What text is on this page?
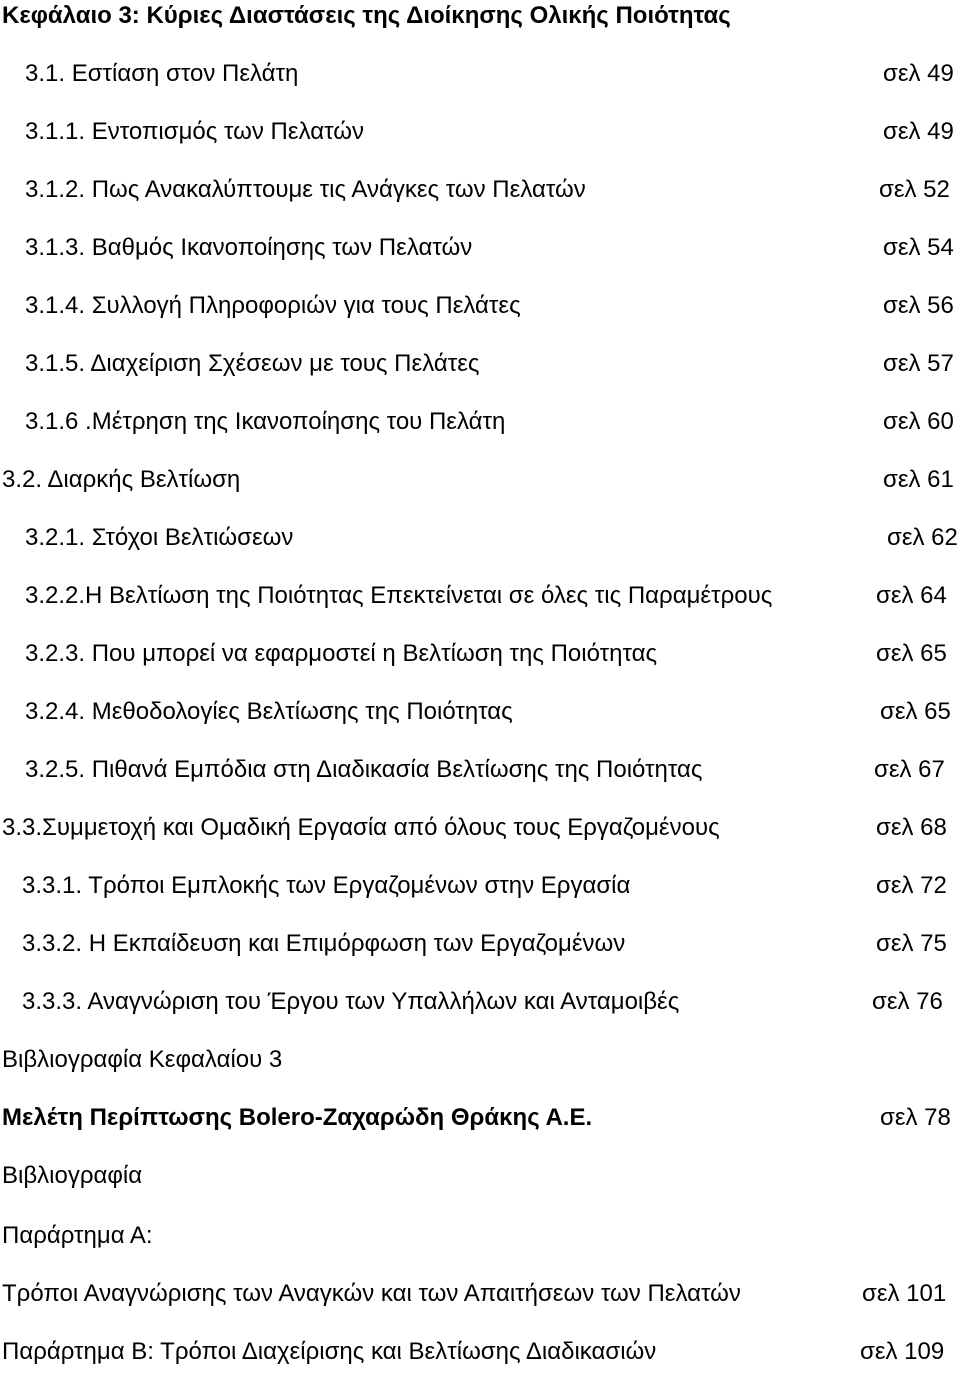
Κεφάλαιο 3: Κύριες Διαστάσεις της Διοίκησης Ολικής Ποιότητας
3.1. Εστίαση στον Πελάτη	σελ 49
3.1.1. Εντοπισμός των Πελατών	σελ 49
3.1.2. Πως Ανακαλύπτουμε τις Ανάγκες των Πελατών	σελ 52
3.1.3. Βαθμός Ικανοποίησης των Πελατών	σελ 54
3.1.4. Συλλογή Πληροφοριών για τους Πελάτες	σελ 56
3.1.5. Διαχείριση Σχέσεων με τους Πελάτες	σελ 57
3.1.6 .Μέτρηση της Ικανοποίησης του Πελάτη	σελ 60
3.2. Διαρκής Βελτίωση	σελ 61
3.2.1. Στόχοι Βελτιώσεων	σελ 62
3.2.2.Η Βελτίωση της Ποιότητας Επεκτείνεται σε όλες τις Παραμέτρους	σελ 64
3.2.3. Που μπορεί να εφαρμοστεί η Βελτίωση της Ποιότητας	σελ 65
3.2.4. Μεθοδολογίες Βελτίωσης της Ποιότητας	σελ 65
3.2.5. Πιθανά Εμπόδια στη Διαδικασία Βελτίωσης της Ποιότητας	σελ 67
3.3.Συμμετοχή και Ομαδική Εργασία από όλους τους Εργαζομένους	σελ 68
3.3.1. Τρόποι Εμπλοκής των Εργαζομένων στην Εργασία	σελ 72
3.3.2. Η Εκπαίδευση και Επιμόρφωση των Εργαζομένων	σελ 75
3.3.3. Αναγνώριση του Έργου των Υπαλλήλων και Ανταμοιβές	σελ 76
Βιβλιογραφία Κεφαλαίου 3
Μελέτη Περίπτωσης Bolero-Ζαχαρώδη Θράκης Α.Ε.	σελ 78
Βιβλιογραφία
Παράρτημα Α:
Τρόποι Αναγνώρισης των Αναγκών και των Απαιτήσεων των Πελατών	σελ 101
Παράρτημα Β: Τρόποι Διαχείρισης και Βελτίωσης Διαδικασιών	σελ 109
